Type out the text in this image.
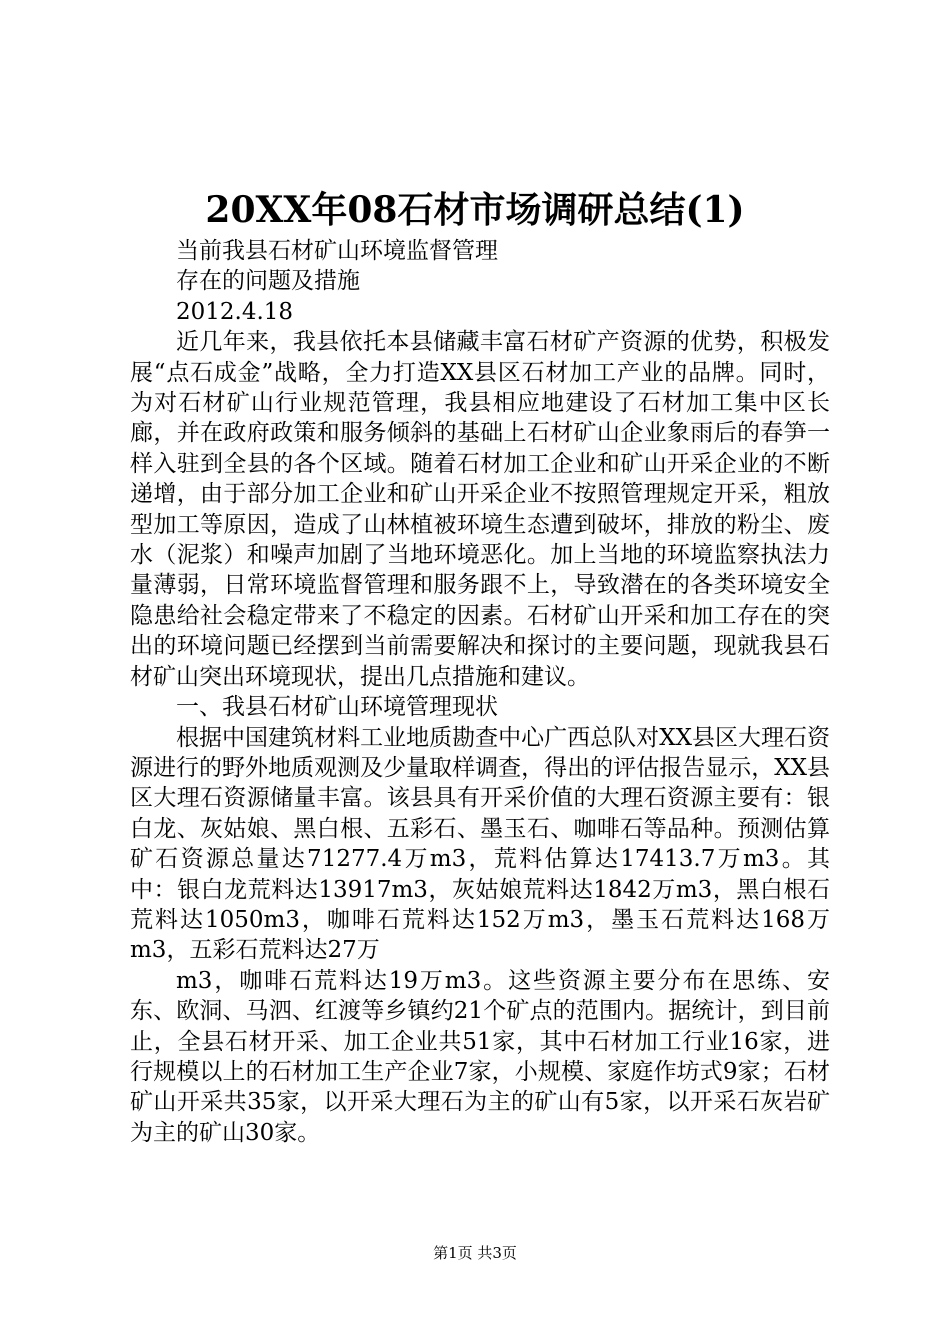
20XX年08石材市场调研总结(1)

当前我县石材矿山环境监督管理

存在的问题及措施

2012.4.18

近几年来，我县依托本县储藏丰富石材矿产资源的优势，积极发展“点石成金”战略，全力打造XX县区石材加工产业的品牌。同时，为对石材矿山行业规范管理，我县相应地建设了石材加工集中区长廊，并在政府政策和服务倾斜的基础上石材矿山企业象雨后的春笋一样入驻到全县的各个区域。随着石材加工企业和矿山开采企业的不断递增，由于部分加工企业和矿山开采企业不按照管理规定开采，粗放型加工等原因，造成了山林植被环境生态遭到破坏，排放的粉尘、废水（泥浆）和噪声加剧了当地环境恶化。加上当地的环境监察执法力量薄弱，日常环境监督管理和服务跟不上，导致潜在的各类环境安全隐患给社会稳定带来了不稳定的因素。石材矿山开采和加工存在的突出的环境问题已经摆到当前需要解决和探讨的主要问题，现就我县石材矿山突出环境现状，提出几点措施和建议。

一、我县石材矿山环境管理现状

根据中国建筑材料工业地质勘查中心广西总队对XX县区大理石资源进行的野外地质观测及少量取样调查，得出的评估报告显示，XX县区大理石资源储量丰富。该县具有开采价值的大理石资源主要有：银白龙、灰姑娘、黑白根、五彩石、墨玉石、咖啡石等品种。预测估算矿石资源总量达71277.4万m3，荒料估算达17413.7万m3。其中：银白龙荒料达13917m3，灰姑娘荒料达1842万m3，黑白根石荒料达1050m3，咖啡石荒料达152万m3，墨玉石荒料达168万m3，五彩石荒料达27万

m3，咖啡石荒料达19万m3。这些资源主要分布在思练、安东、欧洞、马泗、红渡等乡镇约21个矿点的范围内。据统计，到目前止，全县石材开采、加工企业共51家，其中石材加工行业16家，进行规模以上的石材加工生产企业7家，小规模、家庭作坊式9家；石材矿山开采共35家，以开采大理石为主的矿山有5家，以开采石灰岩矿为主的矿山30家。

第1页 共3页
